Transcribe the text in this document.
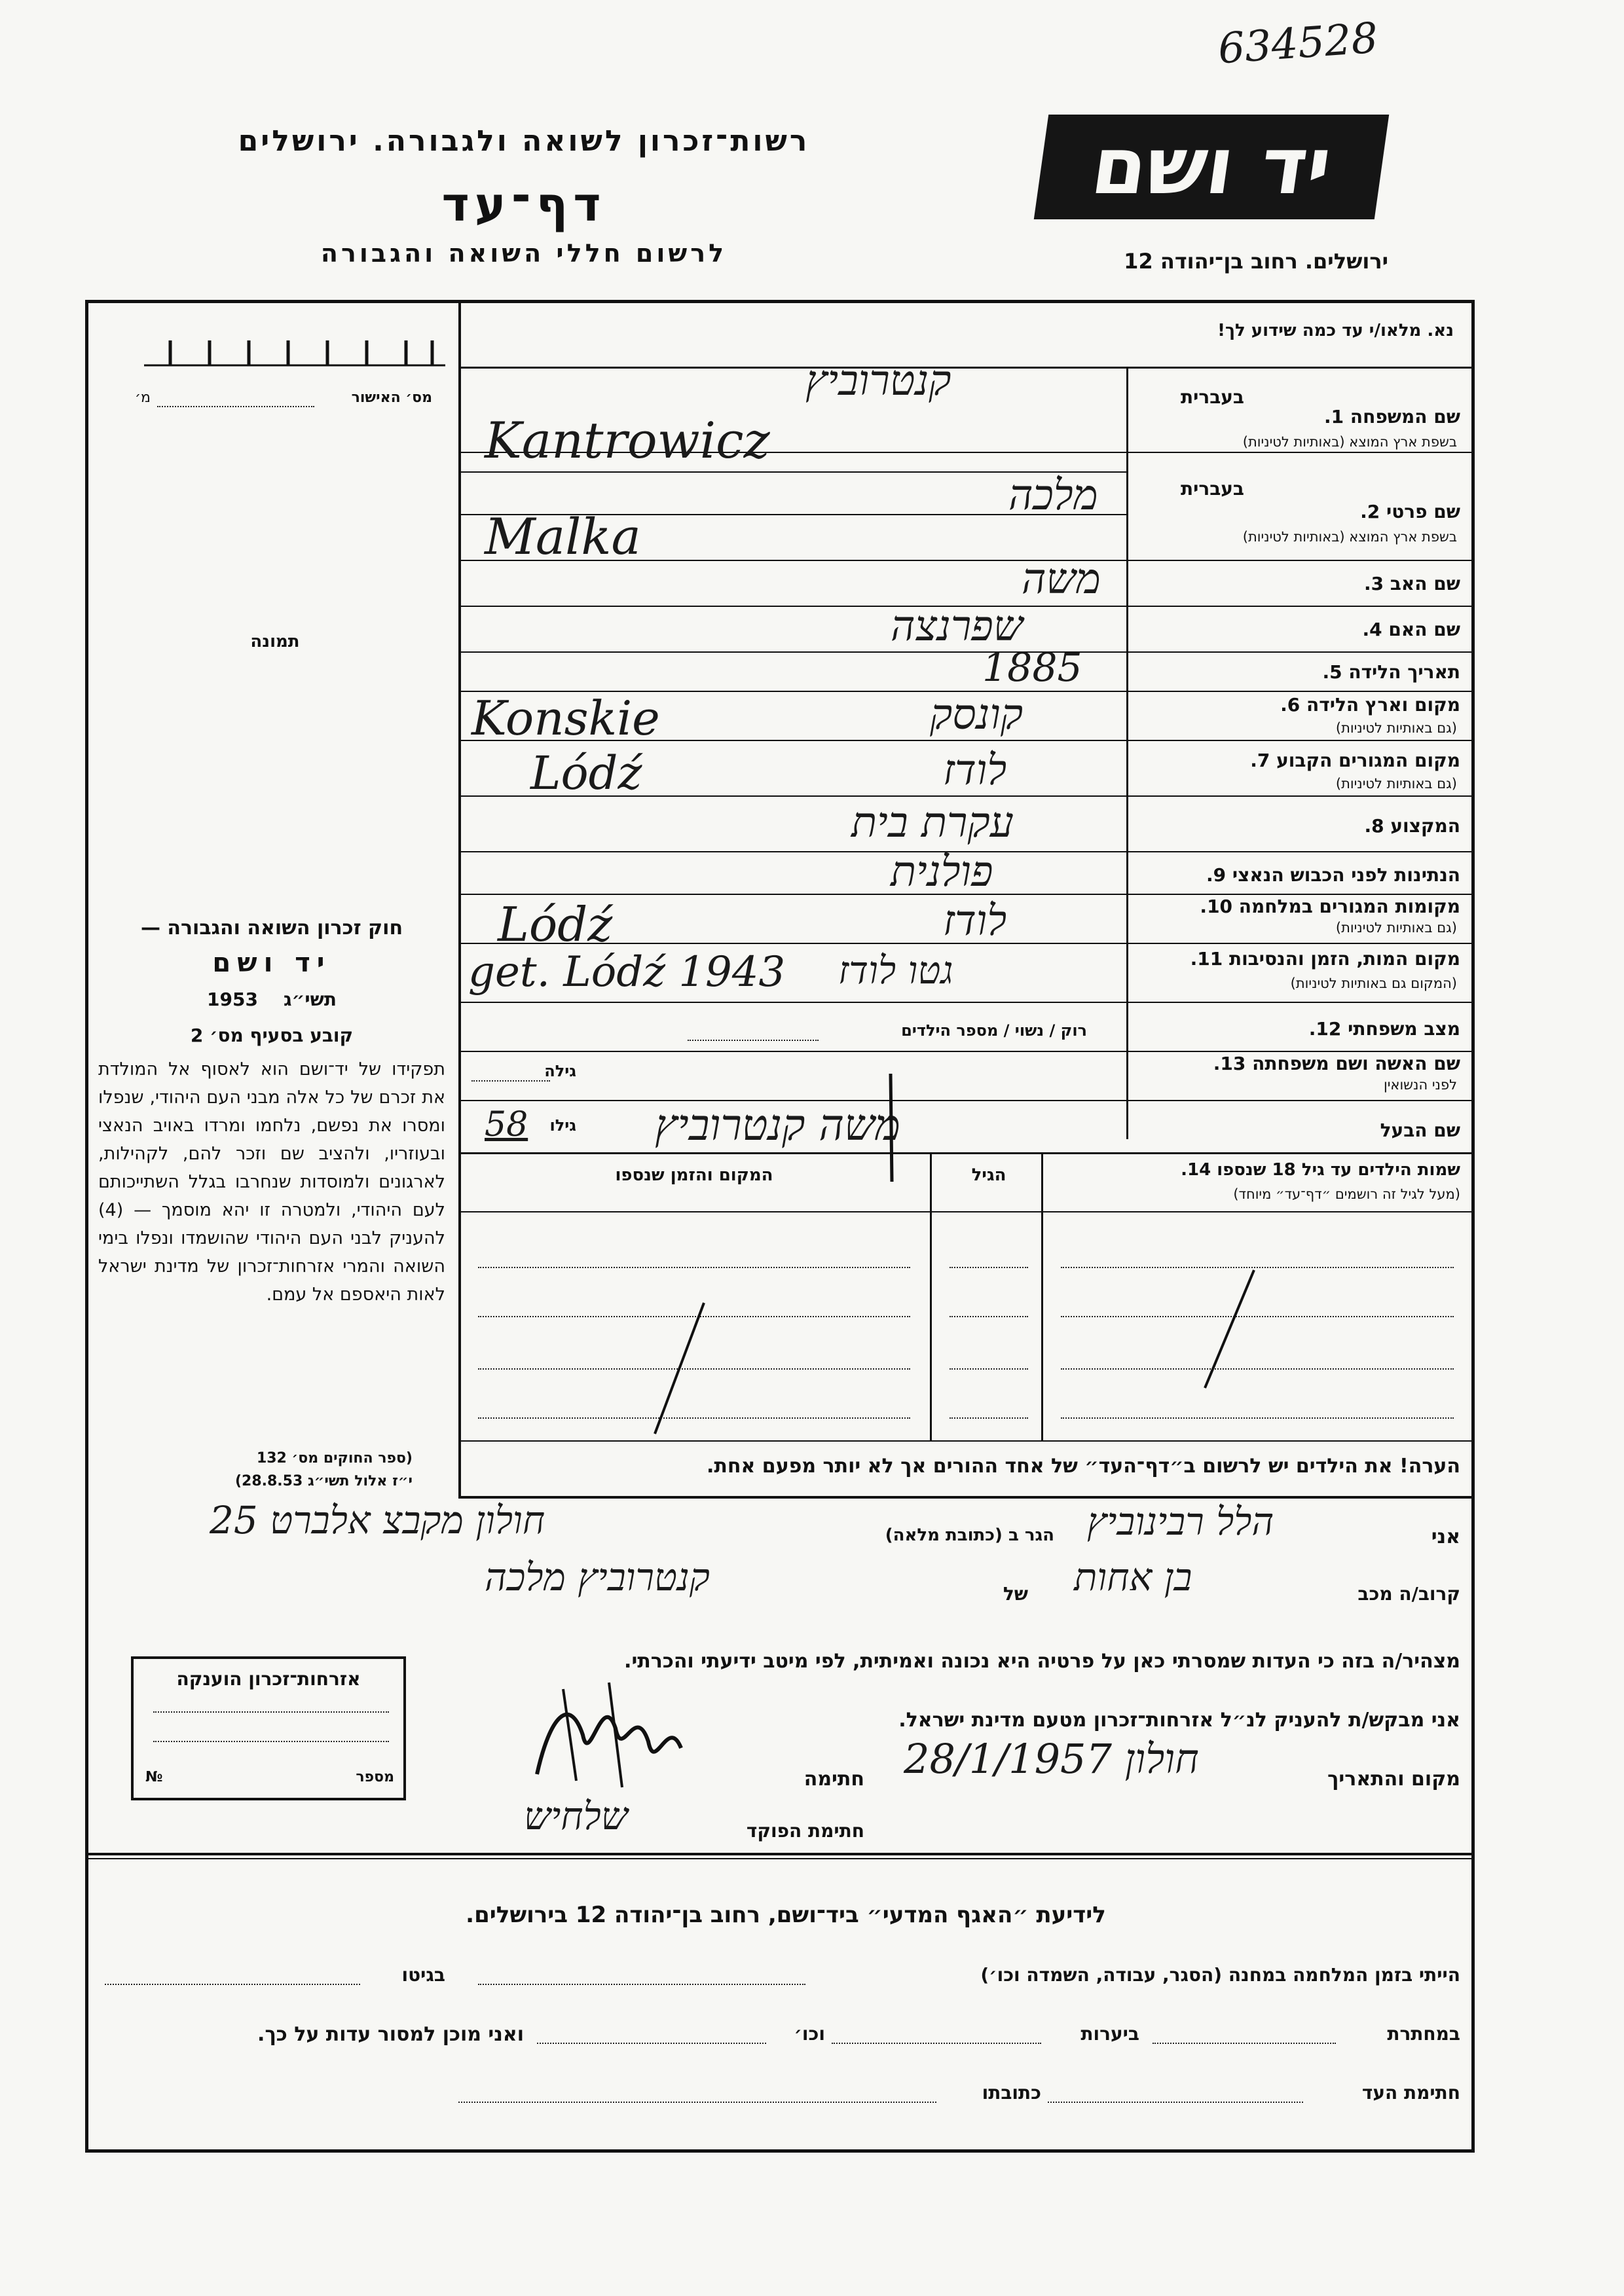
634528
רשות־זכרון לשואה ולגבורה. ירושלים
דף־עד
לרשום חללי השואה והגבורה
יד ושם
ירושלים. רחוב בן־יהודה 12
מס׳ האישור
מ׳
תמונה
חוק זכרון השואה והגבורה —
יד ושם
1953 תשי״ג
קובע בסעיף מס׳ 2
תפקידו של יד־ושם הוא לאסוף אל המולדת את זכרם של כל אלה מבני העם היהודי, שנפלו ומסרו את נפשם, נלחמו ומרדו באויב הנאצי ובעוזריו, ולהציב שם וזכר להם, לקהילות, לארגונים ולמוסדות שנחרבו בגלל השתייכותם לעם היהודי, ולמטרה זו יהא מוסמך — (4) להעניק לבני העם היהודי שהושמדו ונפלו בימי השואה והמרי אזרחות־זכרון של מדינת ישראל לאות היאספם אל עמם.
(ספר החוקים מס׳ 132
י״ז אלול תשי״ג 28.8.53)
אזרחות־זכרון הוענקה
№	מספר
נא. מלאו/י עד כמה שידוע לך!
בעברית
שם המשפחה 1.
בשפת ארץ המוצא (באותיות לטיניות)
קנטרוביץ
Kantrowicz
בעברית
שם פרטי 2.
בשפת ארץ המוצא (באותיות לטיניות)
מלכה
Malka
שם האב 3.
משה
שם האם 4.
שפרנצה
תאריך הלידה 5.
1885
מקום וארץ הלידה 6.
(גם באותיות לטיניות)
Konskie	קונסק
מקום המגורים הקבוע 7.
(גם באותיות לטיניות)
Lódź	לודז
המקצוע 8.
עקרת בית
הנתינות לפני הכבוש הנאצי 9.
פולנית
מקומות המגורים במלחמה 10.
(גם באותיות לטיניות)
Lódź	לודז
מקום המות, הזמן והנסיבות 11.
(המקום גם באותיות לטיניות)
get. Lódź 1943 גטו לודז
מצב משפחתי 12.
רוק / נשוי / מספר הילדים
שם האשה ושם משפחתה 13.
לפני הנשואין
גילה
שם הבעל
משה קנטרוביץ
גילו
58
שמות הילדים עד גיל 18 שנספו 14.
(מעל לגיל זה רושמים ״דף־עד״ מיוחד)
הגיל
המקום והזמן שנספו
הערה! את הילדים יש לרשום ב״דף־העד״ של אחד ההורים אך לא יותר מפעם אחת.
אני
הלל רבינוביץ
הגר ב (כתובת מלאה)
חולון מקבצ אלברט 25
קרוב/ה מכב
בן אחות
של
קנטרוביץ מלכה
מצהיר/ה בזה כי העדות שמסרתי כאן על פרטיה היא נכונה ואמיתית, לפי מיטב ידיעתי והכרתי.
אני מבקש/ת להעניק לנ״ל אזרחות־זכרון מטעם מדינת ישראל.
מקום והתאריך
חולון 28/1/1957
חתימה
חתימת הפוקד
שלחיש
לידיעת ״האגף המדעי״ ביד־ושם, רחוב בן־יהודה 12 בירושלים.
הייתי בזמן המלחמה במחנה (הסגר, עבודה, השמדה וכו׳)
בגיטו
במחתרת
ביערות
וכו׳
ואני מוכן למסור עדות על כך.
חתימת העד
כתובתו
